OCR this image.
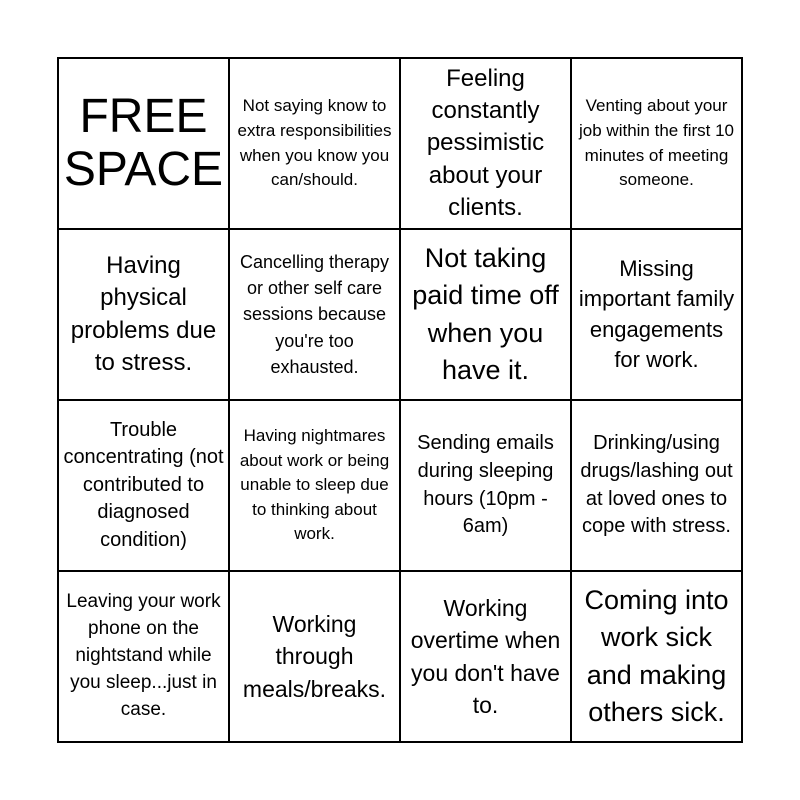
FREE SPACE
Not saying know to extra responsibilities when you know you can/should.
Feeling constantly pessimistic about your clients.
Venting about your job within the first 10 minutes of meeting someone.
Having physical problems due to stress.
Cancelling therapy or other self care sessions because you're too exhausted.
Not taking paid time off when you have it.
Missing important family engagements for work.
Trouble concentrating (not contributed to diagnosed condition)
Having nightmares about work or being unable to sleep due to thinking about work.
Sending emails during sleeping hours (10pm - 6am)
Drinking/using drugs/lashing out at loved ones to cope with stress.
Leaving your work phone on the nightstand while you sleep...just in case.
Working through meals/breaks.
Working overtime when you don't have to.
Coming into work sick and making others sick.
